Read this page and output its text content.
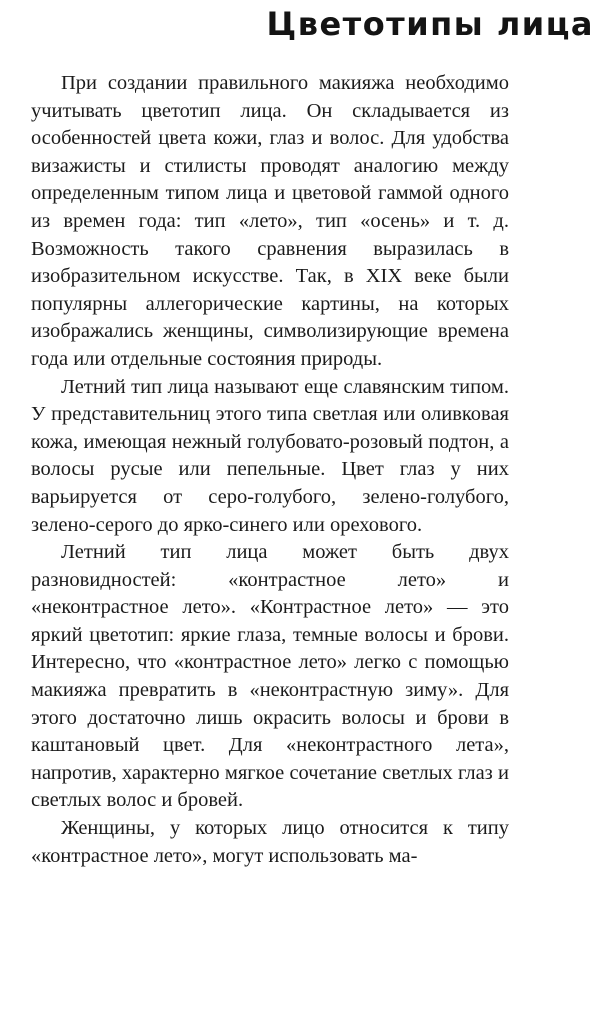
Цветотипы лица

При создании правильного макияжа необходимо учитывать цветотип лица. Он складывается из особенностей цвета кожи, глаз и волос. Для удобства визажисты и стилисты проводят аналогию между определенным типом лица и цветовой гаммой одного из времен года: тип «лето», тип «осень» и т. д. Возможность такого сравнения выразилась в изобразительном искусстве. Так, в XIX веке были популярны аллегорические картины, на которых изображались женщины, символизирующие времена года или отдельные состояния природы.

Летний тип лица называют еще славянским типом. У представительниц этого типа светлая или оливковая кожа, имеющая нежный голубовато-розовый подтон, а волосы русые или пепельные. Цвет глаз у них варьируется от серо-голубого, зелено-голубого, зелено-серого до ярко-синего или орехового.

Летний тип лица может быть двух разновидностей: «контрастное лето» и «неконтрастное лето». «Контрастное лето» — это яркий цветотип: яркие глаза, темные волосы и брови. Интересно, что «контрастное лето» легко с помощью макияжа превратить в «неконтрастную зиму». Для этого достаточно лишь окрасить волосы и брови в каштановый цвет. Для «неконтрастного лета», напротив, характерно мягкое сочетание светлых глаз и светлых волос и бровей.

Женщины, у которых лицо относится к типу «контрастное лето», могут использовать ма-
